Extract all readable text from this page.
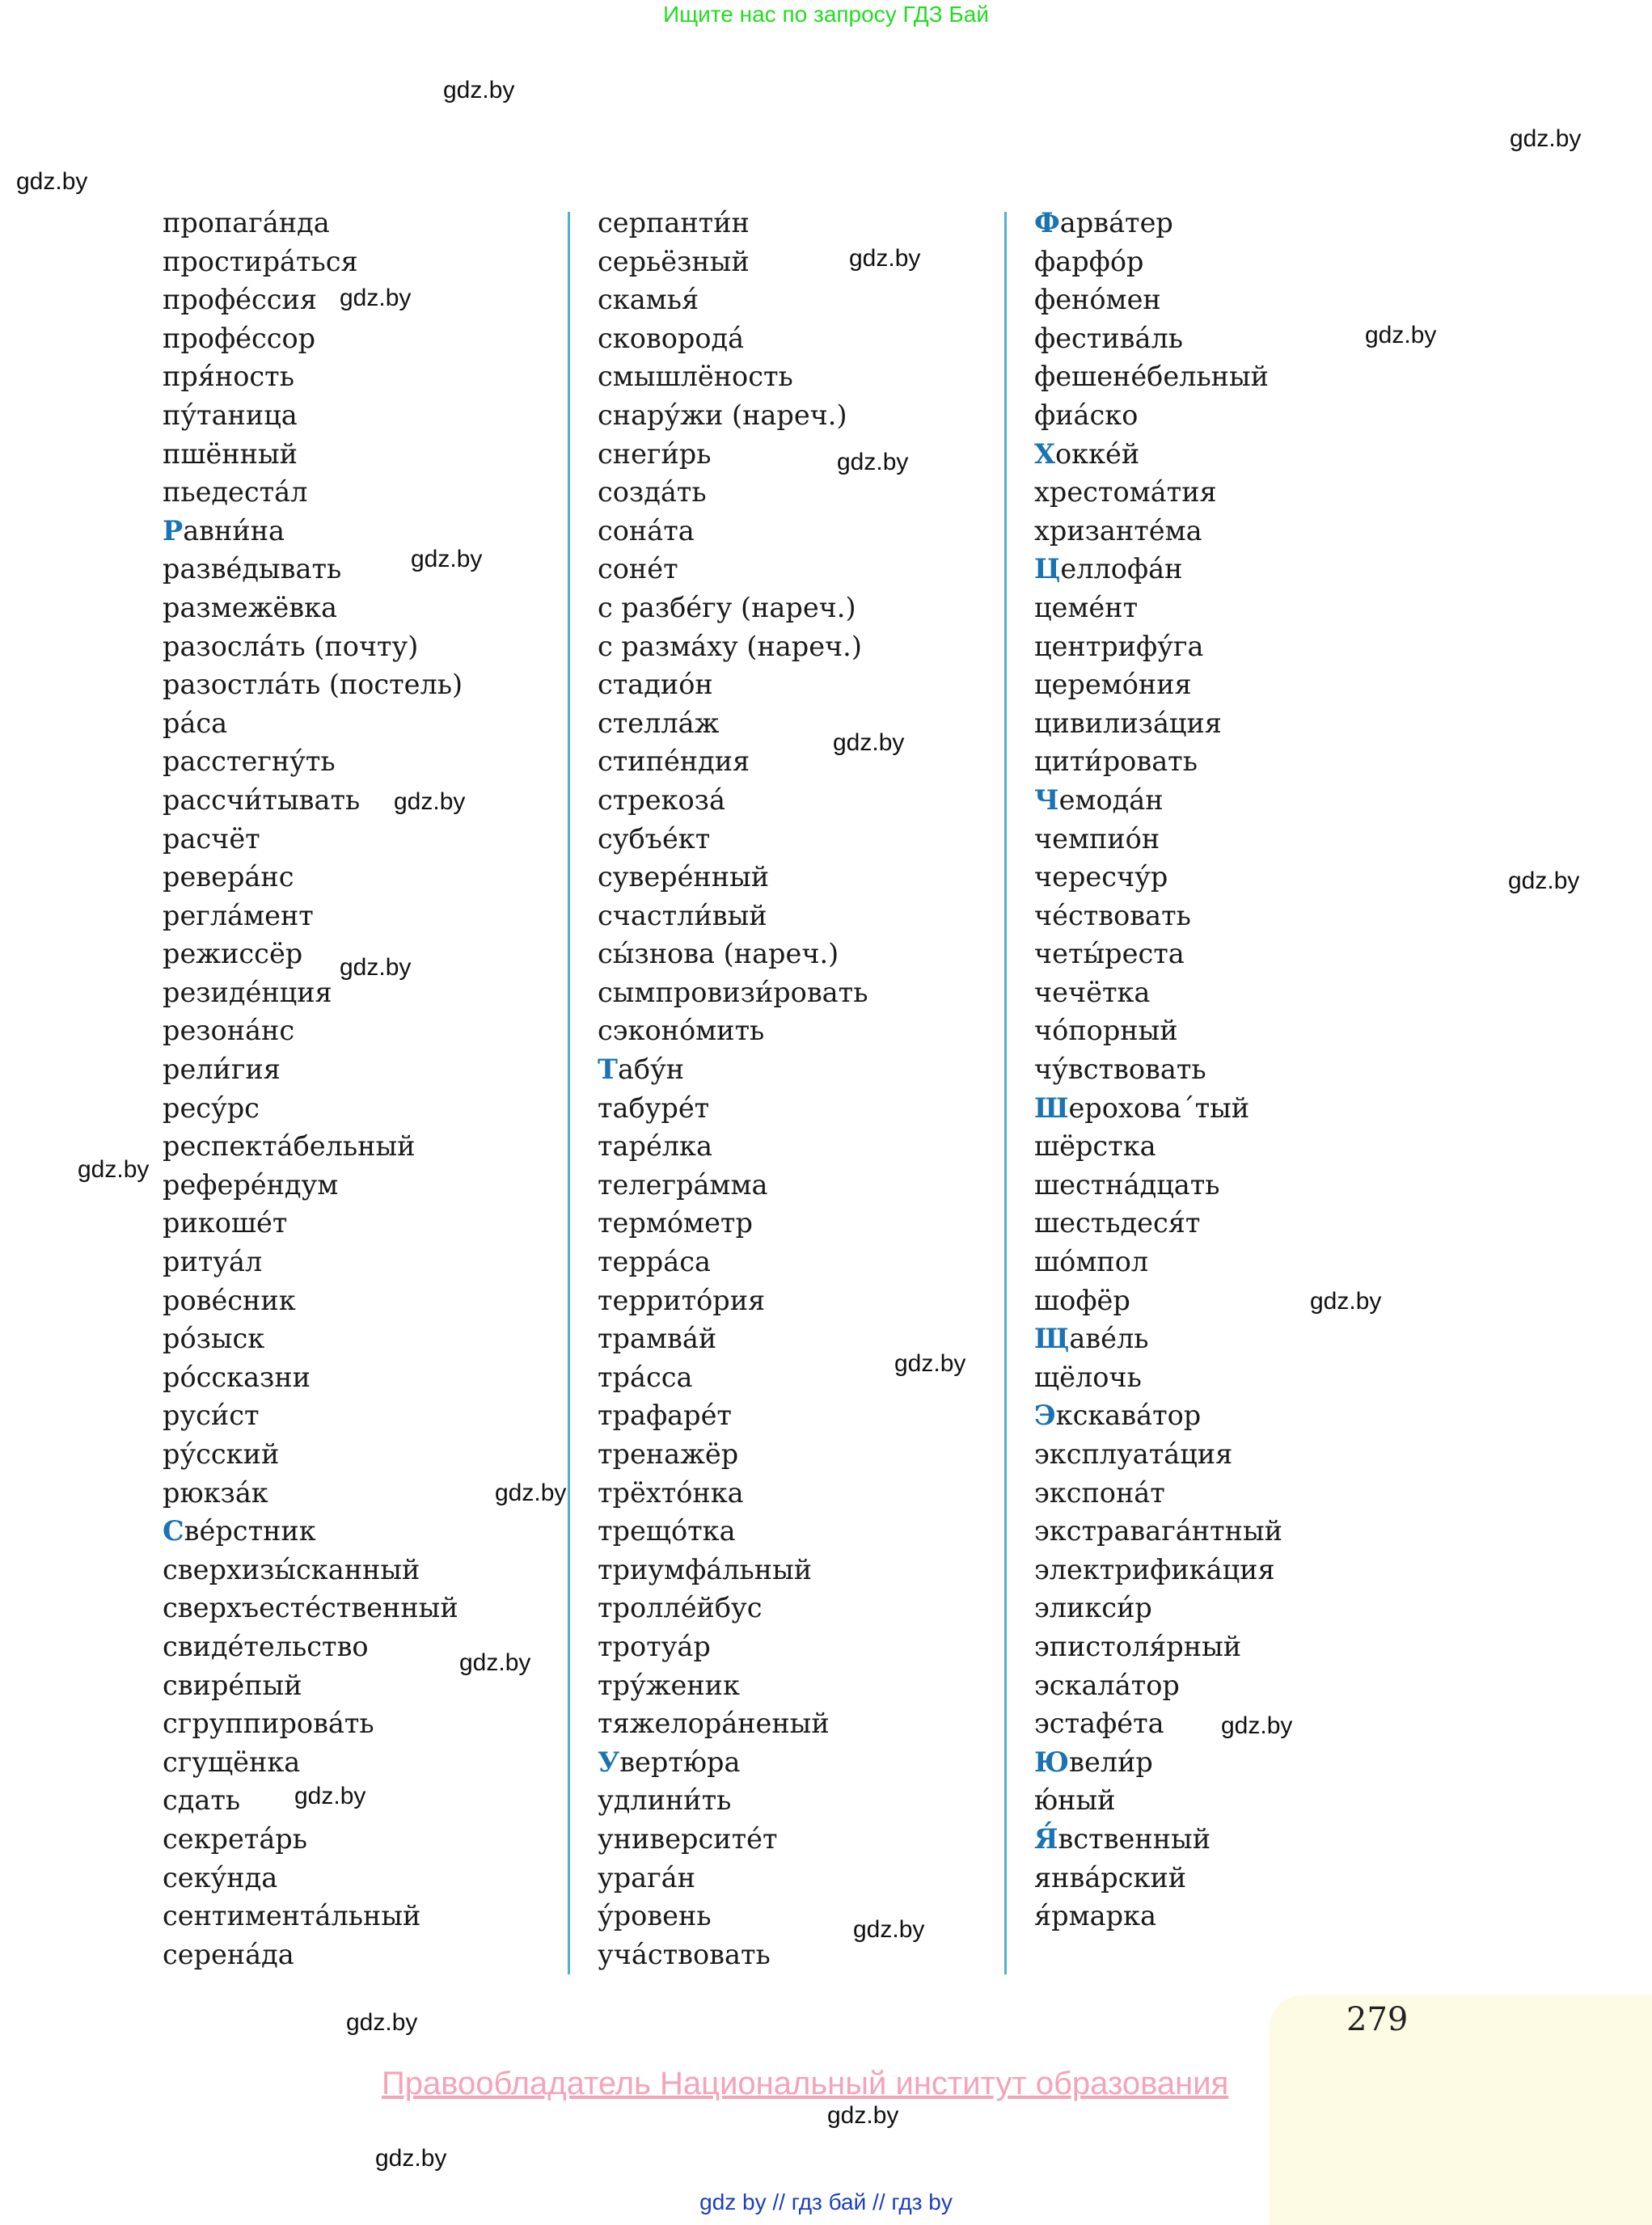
Ищите нас по запросу ГДЗ Бай
gdz.by
gdz.by
gdz.by
gdz.by
gdz.by
gdz.by
gdz.by
gdz.by
gdz.by
gdz.by
gdz.by
gdz.by
gdz.by
gdz.by
gdz.by
gdz.by
gdz.by
gdz.by
gdz.by
gdz.by
gdz.by
gdz.by
gdz.by
пропага́нда
простира́ться
профе́ссия
профе́ссор
пря́ность
пу́таница
пшённый
пьедеста́л
Равни́на
разве́дывать
размежёвка
разосла́ть (почту)
разостла́ть (постель)
ра́са
расстегну́ть
рассчи́тывать
расчёт
ревера́нс
регла́мент
режиссёр
резиде́нция
резона́нс
рели́гия
ресу́рс
респекта́бельный
рефере́ндум
рикоше́т
ритуа́л
рове́сник
ро́зыск
ро́ссказни
руси́ст
ру́сский
рюкза́к
Све́рстник
сверхизы́сканный
сверхъесте́ственный
свиде́тельство
свире́пый
сгруппирова́ть
сгущёнка
сдать
секрета́рь
секу́нда
сентимента́льный
серена́да
серпанти́н
серьёзный
скамья́
сковорода́
смышлёность
снару́жи (нареч.)
снеги́рь
созда́ть
сона́та
соне́т
с разбе́гу (нареч.)
с разма́ху (нареч.)
стадио́н
стелла́ж
стипе́ндия
стрекоза́
субъе́кт
сувере́нный
счастли́вый
сы́знова (нареч.)
сымпровизи́ровать
сэконо́мить
Табу́н
табуре́т
таре́лка
телегра́мма
термо́метр
терра́са
террито́рия
трамва́й
тра́сса
трафаре́т
тренажёр
трёхто́нка
трещо́тка
триумфа́льный
тролле́йбус
тротуа́р
тру́женик
тяжелора́неный
Увертю́ра
удлини́ть
университе́т
урага́н
у́ровень
уча́ствовать
Фарва́тер
фарфо́р
фено́мен
фестива́ль
фешене́бельный
фиа́ско
Хокке́й
хрестома́тия
хризанте́ма
Целлофа́н
цеме́нт
центрифу́га
церемо́ния
цивилиза́ция
цити́ровать
Чемода́н
чемпио́н
чересчу́р
че́ствовать
четы́реста
чечётка
чо́порный
чу́вствовать
Шероховa´тый
шёрстка
шестна́дцать
шестьдеся́т
шо́мпол
шофёр
Щаве́ль
щёлочь
Экскава́тор
эксплуата́ция
экспона́т
экстравага́нтный
электрифика́ция
эликси́р
эпистоля́рный
эскала́тор
эстафе́та
Ювели́р
ю́ный
Я́вственный
янва́рский
я́рмарка
279
Правообладатель Национальный институт образования
gdz by // гдз бай // гдз by
